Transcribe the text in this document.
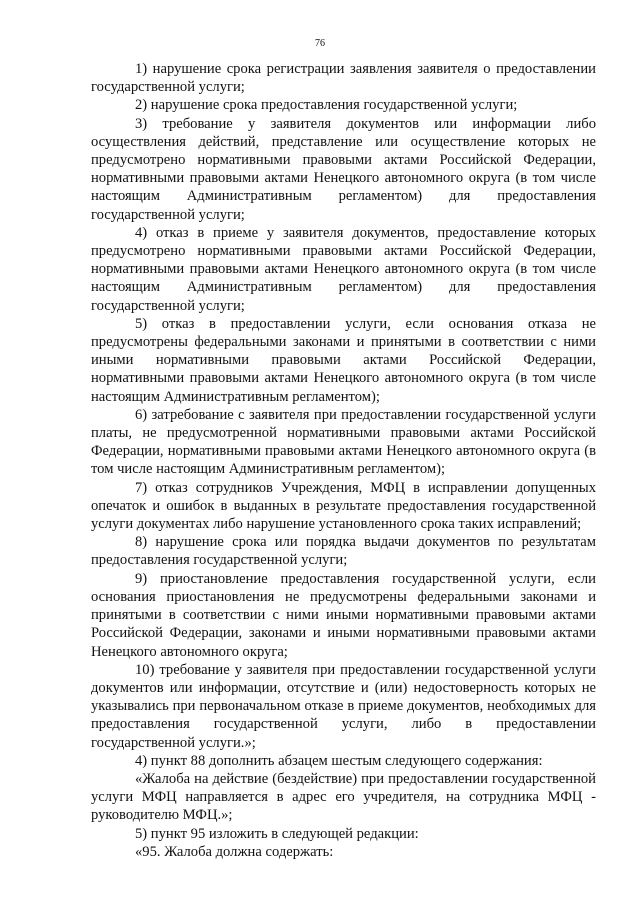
76

1) нарушение срока регистрации заявления заявителя о предоставлении государственной услуги;

2) нарушение срока предоставления государственной услуги;

3) требование у заявителя документов или информации либо осуществления действий, представление или осуществление которых не предусмотрено нормативными правовыми актами Российской Федерации, нормативными правовыми актами Ненецкого автономного округа (в том числе настоящим Административным регламентом) для предоставления государственной услуги;

4) отказ в приеме у заявителя документов, предоставление которых предусмотрено нормативными правовыми актами Российской Федерации, нормативными правовыми актами Ненецкого автономного округа (в том числе настоящим Административным регламентом) для предоставления государственной услуги;

5) отказ в предоставлении услуги, если основания отказа не предусмотрены федеральными законами и принятыми в соответствии с ними иными нормативными правовыми актами Российской Федерации, нормативными правовыми актами Ненецкого автономного округа (в том числе настоящим Административным регламентом);

6) затребование с заявителя при предоставлении государственной услуги платы, не предусмотренной нормативными правовыми актами Российской Федерации, нормативными правовыми актами Ненецкого автономного округа (в том числе настоящим Административным регламентом);

7) отказ сотрудников Учреждения, МФЦ в исправлении допущенных опечаток и ошибок в выданных в результате предоставления государственной услуги документах либо нарушение установленного срока таких исправлений;

8) нарушение срока или порядка выдачи документов по результатам предоставления государственной услуги;

9) приостановление предоставления государственной услуги, если основания приостановления не предусмотрены федеральными законами и принятыми в соответствии с ними иными нормативными правовыми актами Российской Федерации, законами и иными нормативными правовыми актами Ненецкого автономного округа;

10) требование у заявителя при предоставлении государственной услуги документов или информации, отсутствие и (или) недостоверность которых не указывались при первоначальном отказе в приеме документов, необходимых для предоставления государственной услуги, либо в предоставлении государственной услуги.»;

4) пункт 88 дополнить абзацем шестым следующего содержания:

«Жалоба на действие (бездействие) при предоставлении государственной услуги МФЦ направляется в адрес его учредителя, на сотрудника МФЦ - руководителю МФЦ.»;

5) пункт 95 изложить в следующей редакции:

«95. Жалоба должна содержать:
